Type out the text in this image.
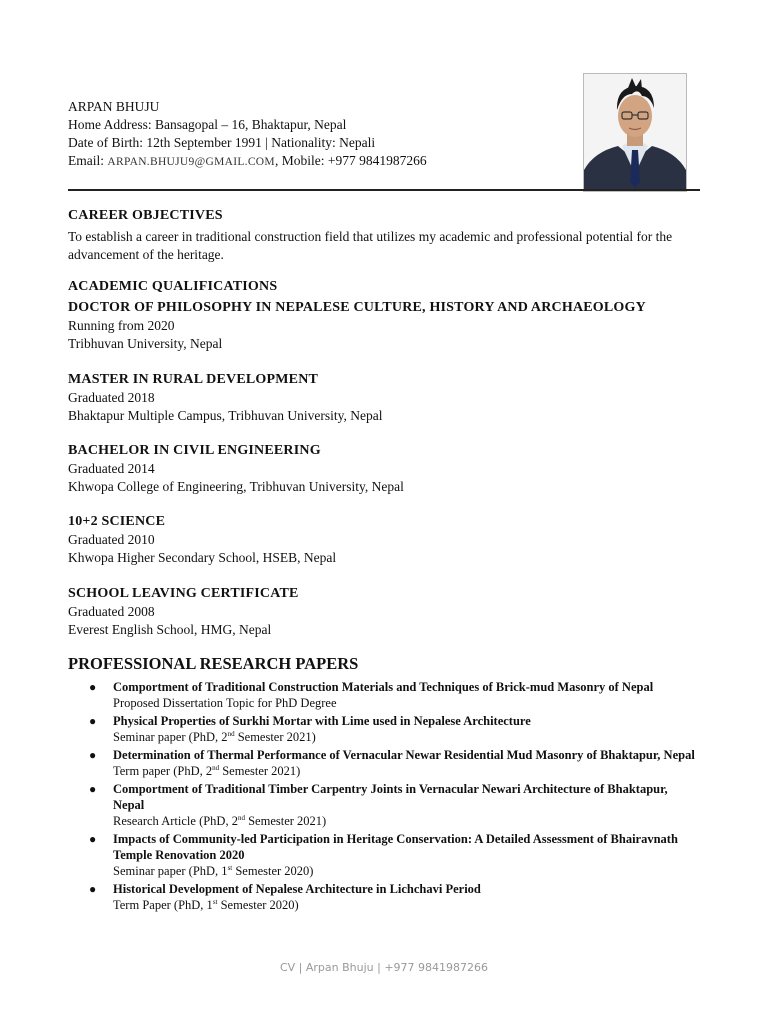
ARPAN BHUJU
Home Address: Bansagopal – 16, Bhaktapur, Nepal
Date of Birth: 12th September 1991 | Nationality: Nepali
Email: ARPAN.BHUJU9@GMAIL.COM, Mobile: +977 9841987266
CAREER OBJECTIVES

To establish a career in traditional construction field that utilizes my academic and professional potential for the advancement of the heritage.

ACADEMIC QUALIFICATIONS
DOCTOR OF PHILOSOPHY IN NEPALESE CULTURE, HISTORY AND ARCHAEOLOGY
Running from 2020
Tribhuvan University, Nepal
MASTER IN RURAL DEVELOPMENT
Graduated 2018
Bhaktapur Multiple Campus, Tribhuvan University, Nepal
BACHELOR IN CIVIL ENGINEERING
Graduated 2014
Khwopa College of Engineering, Tribhuvan University, Nepal
10+2 SCIENCE
Graduated 2010
Khwopa Higher Secondary School, HSEB, Nepal
SCHOOL LEAVING CERTIFICATE
Graduated 2008
Everest English School, HMG, Nepal
PROFESSIONAL RESEARCH PAPERS
● Comportment of Traditional Construction Materials and Techniques of Brick-mud Masonry of Nepal
Proposed Dissertation Topic for PhD Degree
● Physical Properties of Surkhi Mortar with Lime used in Nepalese Architecture
Seminar paper (PhD, 2nd Semester 2021)
● Determination of Thermal Performance of Vernacular Newar Residential Mud Masonry of Bhaktapur, Nepal
Term paper (PhD, 2nd Semester 2021)
● Comportment of Traditional Timber Carpentry Joints in Vernacular Newari Architecture of Bhaktapur, Nepal
Research Article (PhD, 2nd Semester 2021)
● Impacts of Community-led Participation in Heritage Conservation: A Detailed Assessment of Bhairavnath Temple Renovation 2020
Seminar paper (PhD, 1st Semester 2020)
● Historical Development of Nepalese Architecture in Lichchavi Period
Term Paper (PhD, 1st Semester 2020)
CV | Arpan Bhuju | +977 9841987266
